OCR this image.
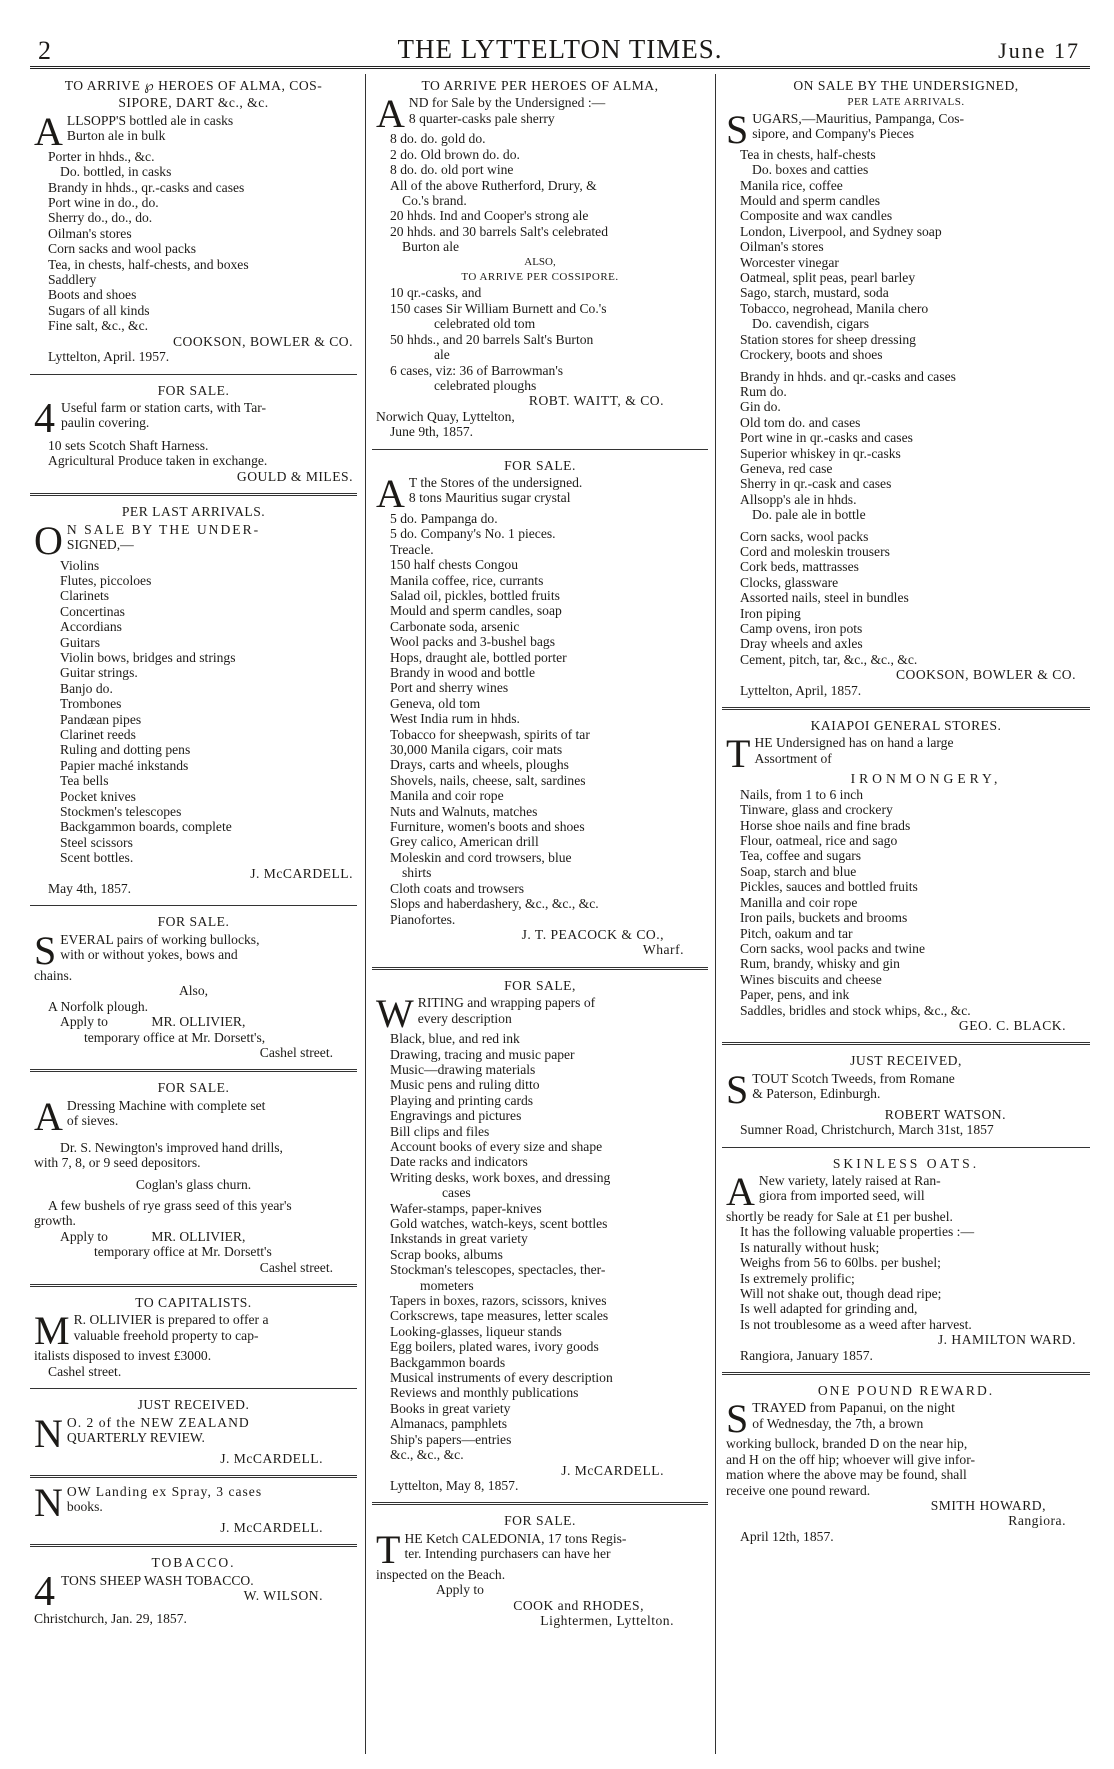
2	THE LYTTELTON TIMES.	June 17
TO ARRIVE ℘ HEROES OF ALMA, COS-
SIPORE, DART &c., &c.
A LLSOPP'S bottled ale in casks
Burton ale in bulk
Porter in hhds., &c.
Do. bottled, in casks
Brandy in hhds., qr.-casks and cases
Port wine in do., do.
Sherry do., do., do.
Oilman's stores
Corn sacks and wool packs
Tea, in chests, half-chests, and boxes
Saddlery
Boots and shoes
Sugars of all kinds
Fine salt, &c., &c.
COOKSON, BOWLER & CO.
Lyttelton, April. 1957.
FOR SALE.
4 Useful farm or station carts, with Tar-
paulin covering.
10 sets Scotch Shaft Harness.
Agricultural Produce taken in exchange.
GOULD & MILES.
PER LAST ARRIVALS.
O N SALE BY THE UNDER-
SIGNED,—
Violins
Flutes, piccoloes
Clarinets
Concertinas
Accordians
Guitars
Violin bows, bridges and strings
Guitar strings.
Banjo do.
Trombones
Pandæan pipes
Clarinet reeds
Ruling and dotting pens
Papier maché inkstands
Tea bells
Pocket knives
Stockmen's telescopes
Backgammon boards, complete
Steel scissors
Scent bottles.
J. McCARDELL.
May 4th, 1857.
FOR SALE.
S EVERAL pairs of working bullocks,
with or without yokes, bows and
chains.
Also,
A Norfolk plough.
Apply to	MR. OLLIVIER,
temporary office at Mr. Dorsett's,
Cashel street.
FOR SALE.
A Dressing Machine with complete set
of sieves.
Dr. S. Newington's improved hand drills,
with 7, 8, or 9 seed depositors.
Coglan's glass churn.
A few bushels of rye grass seed of this year's
growth.
Apply to	MR. OLLIVIER,
temporary office at Mr. Dorsett's
Cashel street.
TO CAPITALISTS.
M R. OLLIVIER is prepared to offer a
valuable freehold property to cap-
italists disposed to invest £3000.
Cashel street.
JUST RECEIVED.
N O. 2 of the NEW ZEALAND
QUARTERLY REVIEW.
J. McCARDELL.
N OW Landing ex Spray, 3 cases
books.
J. McCARDELL.
TOBACCO.
4 TONS SHEEP WASH TOBACCO.
W. WILSON.
Christchurch, Jan. 29, 1857.
TO ARRIVE PER HEROES OF ALMA,
A ND for Sale by the Undersigned :—
8 quarter-casks pale sherry
8 do. do. gold do.
2 do. Old brown do. do.
8 do. do. old port wine
All of the above Rutherford, Drury, &
Co.'s brand.
20 hhds. Ind and Cooper's strong ale
20 hhds. and 30 barrels Salt's celebrated
Burton ale
ALSO,
TO ARRIVE PER COSSIPORE.
10 qr.-casks, and
150 cases Sir William Burnett and Co.'s
celebrated old tom
50 hhds., and 20 barrels Salt's Burton
ale
6 cases, viz: 36 of Barrowman's
celebrated ploughs
ROBT. WAITT, & CO.
Norwich Quay, Lyttelton,
June 9th, 1857.
FOR SALE.
A T the Stores of the undersigned.
8 tons Mauritius sugar crystal
5 do. Pampanga do.
5 do. Company's No. 1 pieces.
Treacle.
150 half chests Congou
Manila coffee, rice, currants
Salad oil, pickles, bottled fruits
Mould and sperm candles, soap
Carbonate soda, arsenic
Wool packs and 3-bushel bags
Hops, draught ale, bottled porter
Brandy in wood and bottle
Port and sherry wines
Geneva, old tom
West India rum in hhds.
Tobacco for sheepwash, spirits of tar
30,000 Manila cigars, coir mats
Drays, carts and wheels, ploughs
Shovels, nails, cheese, salt, sardines
Manila and coir rope
Nuts and Walnuts, matches
Furniture, women's boots and shoes
Grey calico, American drill
Moleskin and cord trowsers, blue
shirts
Cloth coats and trowsers
Slops and haberdashery, &c., &c., &c.
Pianofortes.
J. T. PEACOCK & CO.,
Wharf.
FOR SALE,
W RITING and wrapping papers of
every description
Black, blue, and red ink
Drawing, tracing and music paper
Music—drawing materials
Music pens and ruling ditto
Playing and printing cards
Engravings and pictures
Bill clips and files
Account books of every size and shape
Date racks and indicators
Writing desks, work boxes, and dressing
cases
Wafer-stamps, paper-knives
Gold watches, watch-keys, scent bottles
Inkstands in great variety
Scrap books, albums
Stockman's telescopes, spectacles, ther-
mometers
Tapers in boxes, razors, scissors, knives
Corkscrews, tape measures, letter scales
Looking-glasses, liqueur stands
Egg boilers, plated wares, ivory goods
Backgammon boards
Musical instruments of every description
Reviews and monthly publications
Books in great variety
Almanacs, pamphlets
Ship's papers—entries
&c., &c., &c.
J. McCARDELL.
Lyttelton, May 8, 1857.
FOR SALE.
T HE Ketch CALEDONIA, 17 tons Regis-
ter. Intending purchasers can have her
inspected on the Beach.
Apply to
COOK and RHODES,
Lightermen, Lyttelton.
ON SALE BY THE UNDERSIGNED,
PER LATE ARRIVALS.
S UGARS,—Mauritius, Pampanga, Cos-
sipore, and Company's Pieces
Tea in chests, half-chests
Do. boxes and catties
Manila rice, coffee
Mould and sperm candles
Composite and wax candles
London, Liverpool, and Sydney soap
Oilman's stores
Worcester vinegar
Oatmeal, split peas, pearl barley
Sago, starch, mustard, soda
Tobacco, negrohead, Manila chero
Do. cavendish, cigars
Station stores for sheep dressing
Crockery, boots and shoes
Brandy in hhds. and qr.-casks and cases
Rum do.
Gin do.
Old tom do. and cases
Port wine in qr.-casks and cases
Superior whiskey in qr.-casks
Geneva, red case
Sherry in qr.-cask and cases
Allsopp's ale in hhds.
Do. pale ale in bottle
Corn sacks, wool packs
Cord and moleskin trousers
Cork beds, mattrasses
Clocks, glassware
Assorted nails, steel in bundles
Iron piping
Camp ovens, iron pots
Dray wheels and axles
Cement, pitch, tar, &c., &c., &c.
COOKSON, BOWLER & CO.
Lyttelton, April, 1857.
KAIAPOI GENERAL STORES.
T HE Undersigned has on hand a large
Assortment of
IRONMONGERY,
Nails, from 1 to 6 inch
Tinware, glass and crockery
Horse shoe nails and fine brads
Flour, oatmeal, rice and sago
Tea, coffee and sugars
Soap, starch and blue
Pickles, sauces and bottled fruits
Manilla and coir rope
Iron pails, buckets and brooms
Pitch, oakum and tar
Corn sacks, wool packs and twine
Rum, brandy, whisky and gin
Wines biscuits and cheese
Paper, pens, and ink
Saddles, bridles and stock whips, &c., &c.
GEO. C. BLACK.
JUST RECEIVED,
S TOUT Scotch Tweeds, from Romane
& Paterson, Edinburgh.
ROBERT WATSON.
Sumner Road, Christchurch, March 31st, 1857
SKINLESS OATS.
A New variety, lately raised at Ran-
giora from imported seed, will
shortly be ready for Sale at £1 per bushel.
It has the following valuable properties :—
Is naturally without husk;
Weighs from 56 to 60lbs. per bushel;
Is extremely prolific;
Will not shake out, though dead ripe;
Is well adapted for grinding and,
Is not troublesome as a weed after harvest.
J. HAMILTON WARD.
Rangiora, January 1857.
ONE POUND REWARD.
S TRAYED from Papanui, on the night
of Wednesday, the 7th, a brown
working bullock, branded D on the near hip,
and H on the off hip; whoever will give infor-
mation where the above may be found, shall
receive one pound reward.
SMITH HOWARD,
Rangiora.
April 12th, 1857.
